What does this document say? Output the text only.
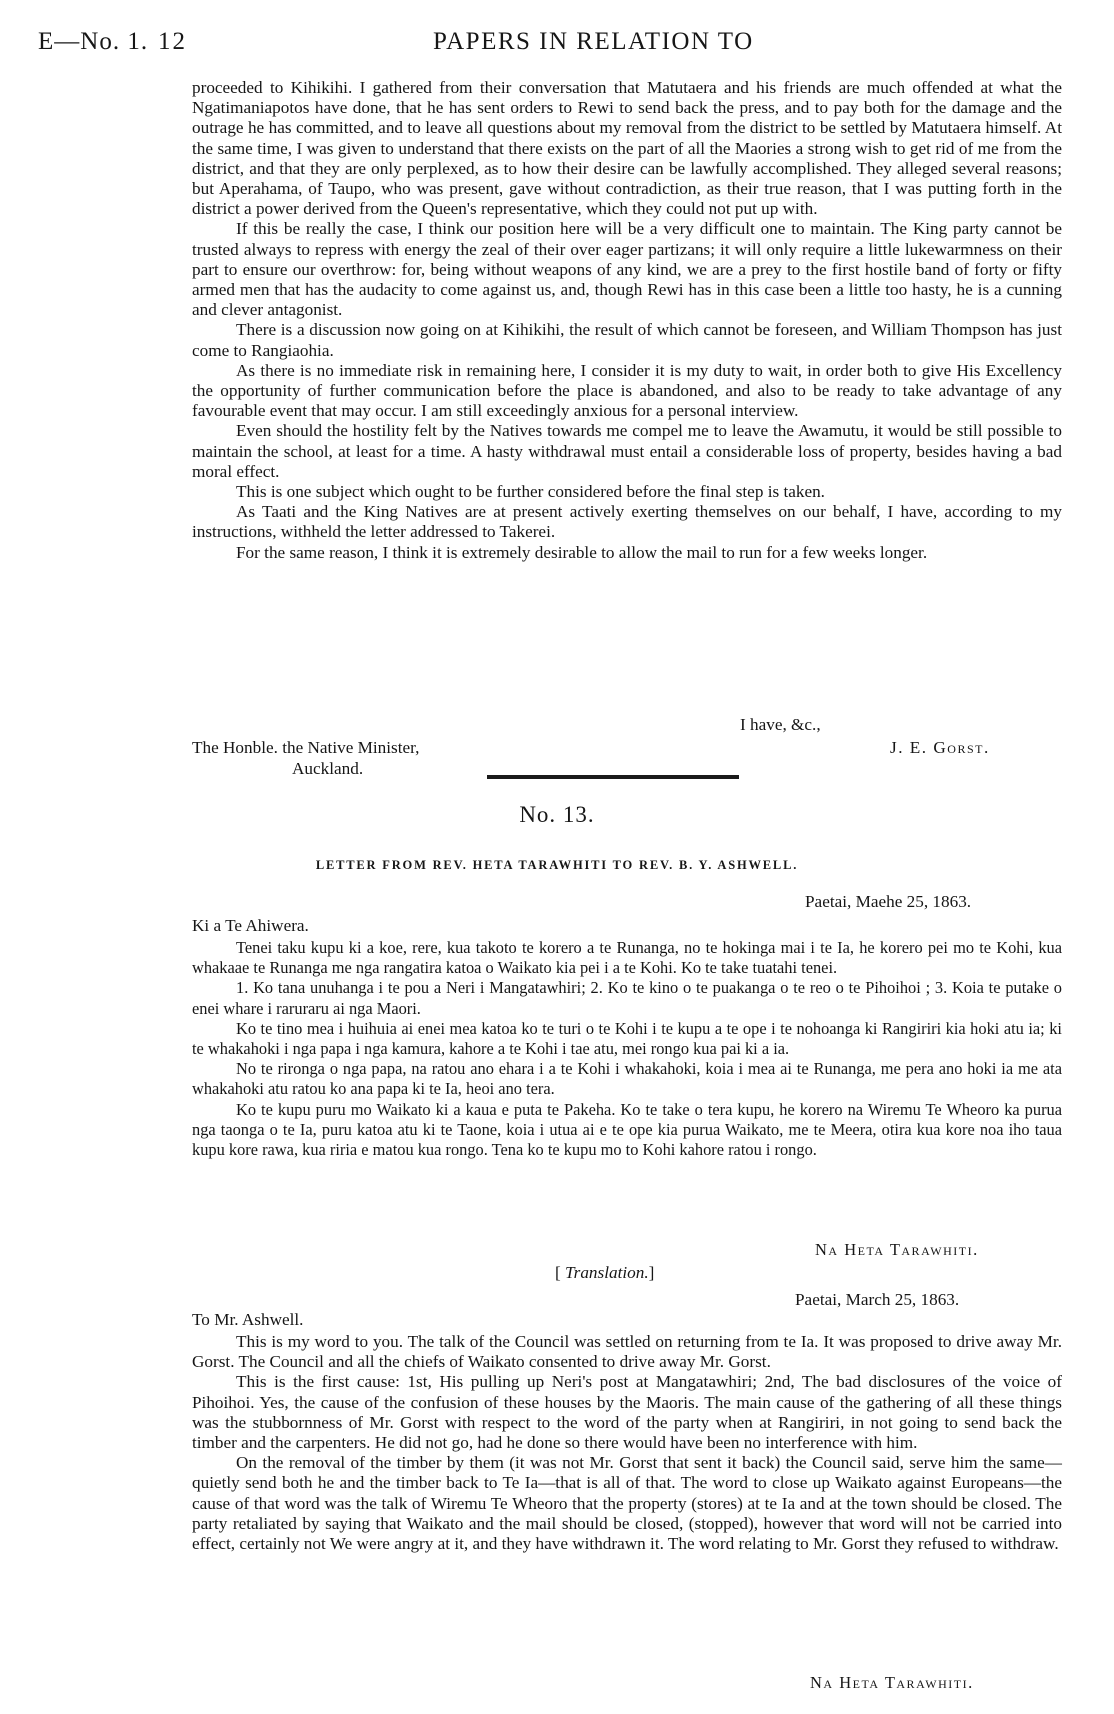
E—No. 1. 12	PAPERS IN RELATION TO

proceeded to Kihikihi. I gathered from their conversation that Matutaera and his friends are much offended at what the Ngatimaniapotos have done, that he has sent orders to Rewi to send back the press, and to pay both for the damage and the outrage he has committed, and to leave all questions about my removal from the district to be settled by Matutaera himself. At the same time, I was given to understand that there exists on the part of all the Maories a strong wish to get rid of me from the district, and that they are only perplexed, as to how their desire can be lawfully accomplished. They alleged several reasons; but Aperahama, of Taupo, who was present, gave without contradiction, as their true reason, that I was putting forth in the district a power derived from the Queen's representative, which they could not put up with.

If this be really the case, I think our position here will be a very difficult one to maintain. The King party cannot be trusted always to repress with energy the zeal of their over eager partizans; it will only require a little lukewarmness on their part to ensure our overthrow: for, being without weapons of any kind, we are a prey to the first hostile band of forty or fifty armed men that has the audacity to come against us, and, though Rewi has in this case been a little too hasty, he is a cunning and clever antagonist.

There is a discussion now going on at Kihikihi, the result of which cannot be foreseen, and William Thompson has just come to Rangiaohia.

As there is no immediate risk in remaining here, I consider it is my duty to wait, in order both to give His Excellency the opportunity of further communication before the place is abandoned, and also to be ready to take advantage of any favourable event that may occur. I am still exceedingly anxious for a personal interview.

Even should the hostility felt by the Natives towards me compel me to leave the Awamutu, it would be still possible to maintain the school, at least for a time. A hasty withdrawal must entail a considerable loss of property, besides having a bad moral effect.

This is one subject which ought to be further considered before the final step is taken.

As Taati and the King Natives are at present actively exerting themselves on our behalf, I have, according to my instructions, withheld the letter addressed to Takerei.

For the same reason, I think it is extremely desirable to allow the mail to run for a few weeks longer.

I have, &c.,
The Honble. the Native Minister,
Auckland.
J. E. Gorst.
No. 13.
LETTER FROM REV. HETA TARAWHITI TO REV. B. Y. ASHWELL.
Paetai, Maehe 25, 1863.
Ki a Te Ahiwera.

Tenei taku kupu ki a koe, rere, kua takoto te korero a te Runanga, no te hokinga mai i te Ia, he korero pei mo te Kohi, kua whakaae te Runanga me nga rangatira katoa o Waikato kia pei i a te Kohi. Ko te take tuatahi tenei.

1. Ko tana unuhanga i te pou a Neri i Mangatawhiri; 2. Ko te kino o te puakanga o te reo o te Pihoihoi ; 3. Koia te putake o enei whare i raruraru ai nga Maori.

Ko te tino mea i huihuia ai enei mea katoa ko te turi o te Kohi i te kupu a te ope i te nohoanga ki Rangiriri kia hoki atu ia; ki te whakahoki i nga papa i nga kamura, kahore a te Kohi i tae atu, mei rongo kua pai ki a ia.

No te rironga o nga papa, na ratou ano ehara i a te Kohi i whakahoki, koia i mea ai te Runanga, me pera ano hoki ia me ata whakahoki atu ratou ko ana papa ki te Ia, heoi ano tera.

Ko te kupu puru mo Waikato ki a kaua e puta te Pakeha. Ko te take o tera kupu, he korero na Wiremu Te Wheoro ka purua nga taonga o te Ia, puru katoa atu ki te Taone, koia i utua ai e te ope kia purua Waikato, me te Meera, otira kua kore noa iho taua kupu kore rawa, kua riria e matou kua rongo. Tena ko te kupu mo to Kohi kahore ratou i rongo.

Na Heta Tarawhiti.
[ Translation.]
Paetai, March 25, 1863.
To Mr. Ashwell.

This is my word to you. The talk of the Council was settled on returning from te Ia. It was proposed to drive away Mr. Gorst. The Council and all the chiefs of Waikato consented to drive away Mr. Gorst.

This is the first cause: 1st, His pulling up Neri's post at Mangatawhiri; 2nd, The bad disclosures of the voice of Pihoihoi. Yes, the cause of the confusion of these houses by the Maoris. The main cause of the gathering of all these things was the stubbornness of Mr. Gorst with respect to the word of the party when at Rangiriri, in not going to send back the timber and the carpenters. He did not go, had he done so there would have been no interference with him.

On the removal of the timber by them (it was not Mr. Gorst that sent it back) the Council said, serve him the same—quietly send both he and the timber back to Te Ia—that is all of that. The word to close up Waikato against Europeans—the cause of that word was the talk of Wiremu Te Wheoro that the property (stores) at te Ia and at the town should be closed. The party retaliated by saying that Waikato and the mail should be closed, (stopped), however that word will not be carried into effect, certainly not We were angry at it, and they have withdrawn it. The word relating to Mr. Gorst they refused to withdraw.

Na Heta Tarawhiti.
